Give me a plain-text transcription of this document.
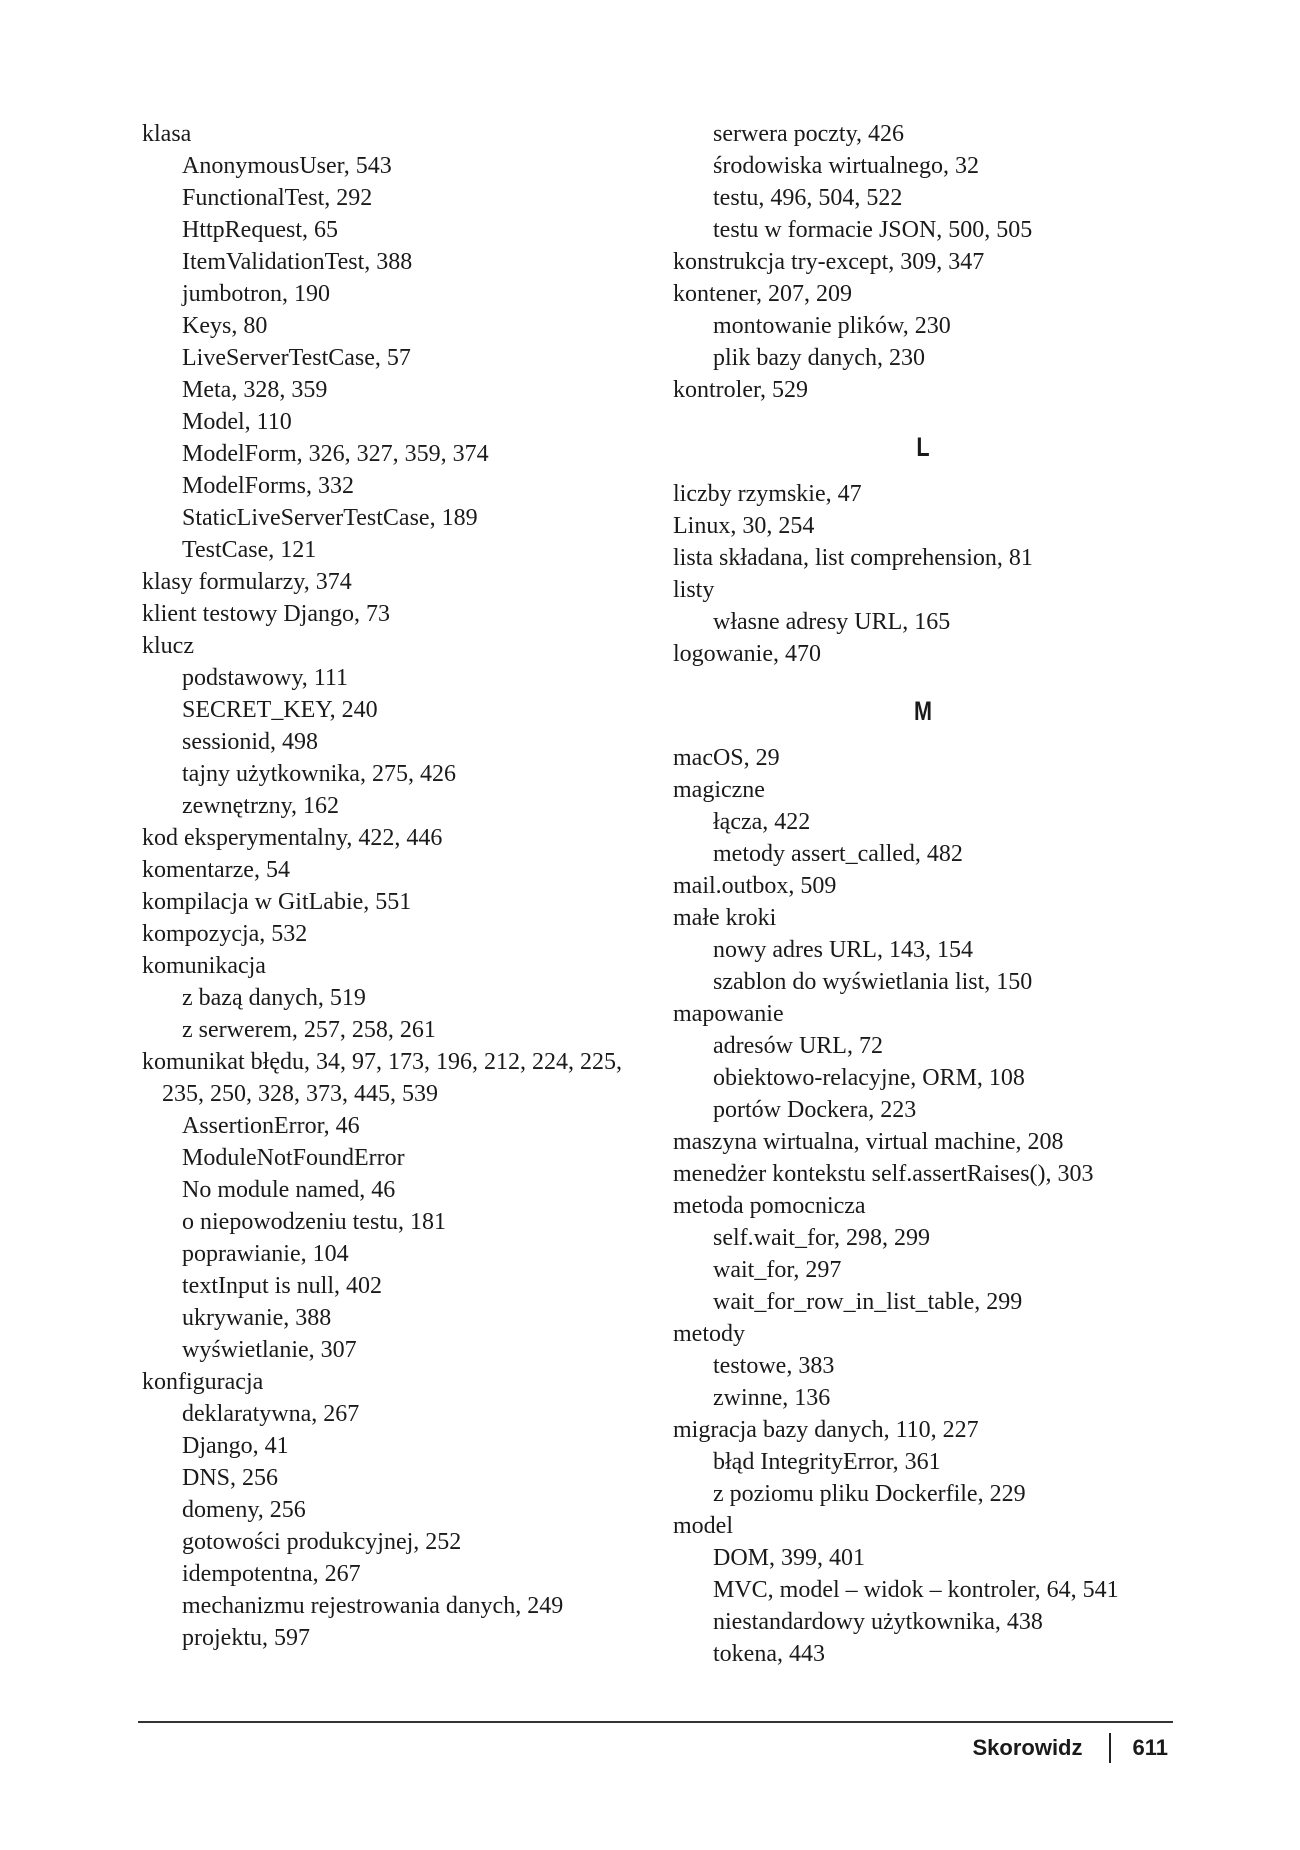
klasa
AnonymousUser, 543
FunctionalTest, 292
HttpRequest, 65
ItemValidationTest, 388
jumbotron, 190
Keys, 80
LiveServerTestCase, 57
Meta, 328, 359
Model, 110
ModelForm, 326, 327, 359, 374
ModelForms, 332
StaticLiveServerTestCase, 189
TestCase, 121
klasy formularzy, 374
klient testowy Django, 73
klucz
podstawowy, 111
SECRET_KEY, 240
sessionid, 498
tajny użytkownika, 275, 426
zewnętrzny, 162
kod eksperymentalny, 422, 446
komentarze, 54
kompilacja w GitLabie, 551
kompozycja, 532
komunikacja
z bazą danych, 519
z serwerem, 257, 258, 261
komunikat błędu, 34, 97, 173, 196, 212, 224, 225,
235, 250, 328, 373, 445, 539
AssertionError, 46
ModuleNotFoundError
No module named, 46
o niepowodzeniu testu, 181
poprawianie, 104
textInput is null, 402
ukrywanie, 388
wyświetlanie, 307
konfiguracja
deklaratywna, 267
Django, 41
DNS, 256
domeny, 256
gotowości produkcyjnej, 252
idempotentna, 267
mechanizmu rejestrowania danych, 249
projektu, 597
serwera poczty, 426
środowiska wirtualnego, 32
testu, 496, 504, 522
testu w formacie JSON, 500, 505
konstrukcja try-except, 309, 347
kontener, 207, 209
montowanie plików, 230
plik bazy danych, 230
kontroler, 529
L
liczby rzymskie, 47
Linux, 30, 254
lista składana, list comprehension, 81
listy
własne adresy URL, 165
logowanie, 470
M
macOS, 29
magiczne
łącza, 422
metody assert_called, 482
mail.outbox, 509
małe kroki
nowy adres URL, 143, 154
szablon do wyświetlania list, 150
mapowanie
adresów URL, 72
obiektowo-relacyjne, ORM, 108
portów Dockera, 223
maszyna wirtualna, virtual machine, 208
menedżer kontekstu self.assertRaises(), 303
metoda pomocnicza
self.wait_for, 298, 299
wait_for, 297
wait_for_row_in_list_table, 299
metody
testowe, 383
zwinne, 136
migracja bazy danych, 110, 227
błąd IntegrityError, 361
z poziomu pliku Dockerfile, 229
model
DOM, 399, 401
MVC, model – widok – kontroler, 64, 541
niestandardowy użytkownika, 438
tokena, 443
Skorowidz 611
